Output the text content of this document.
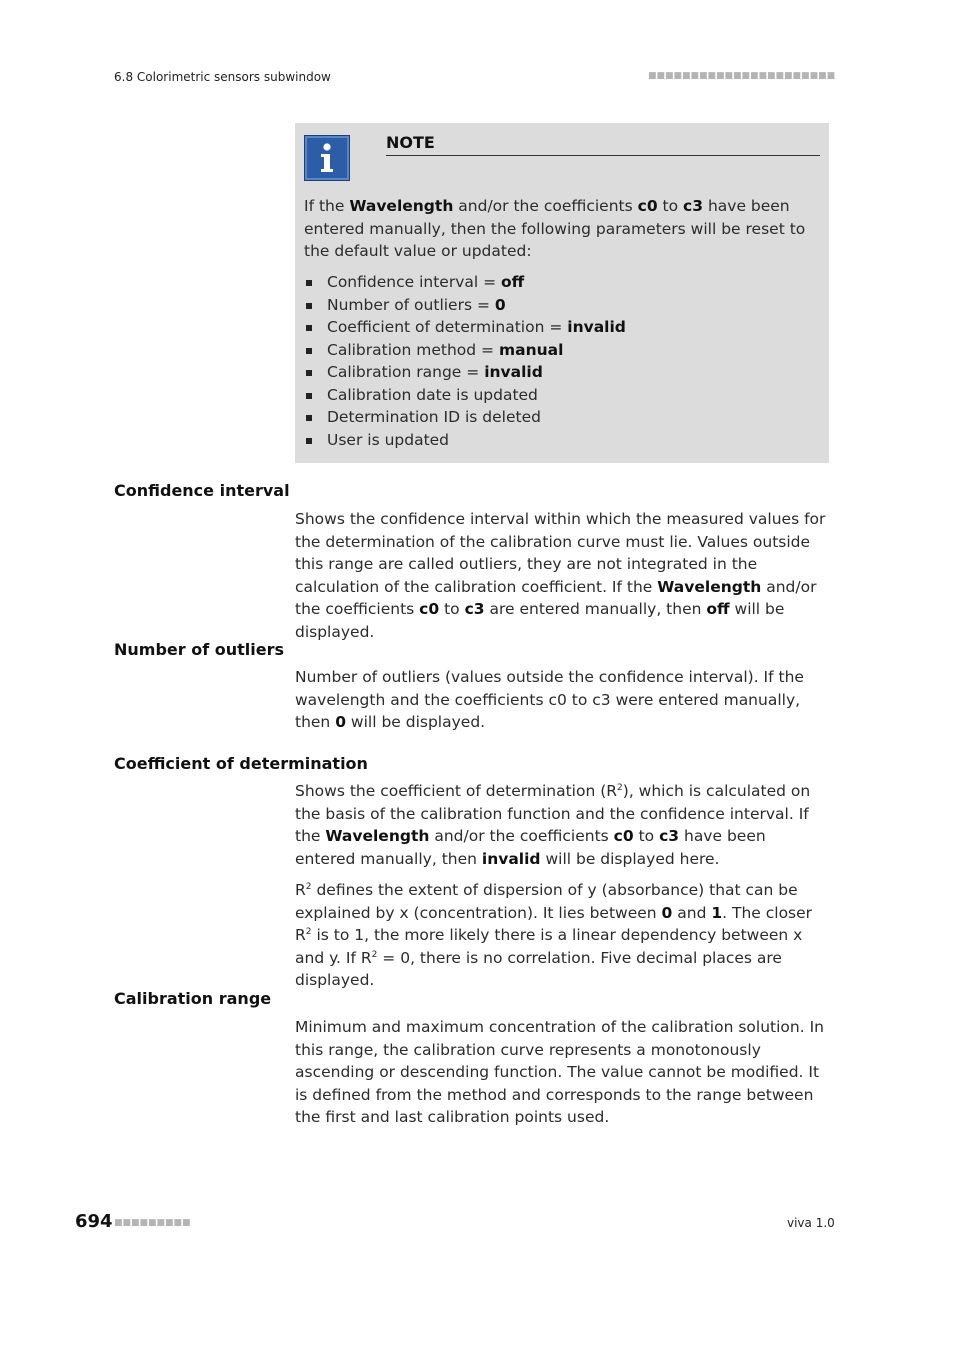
6.8 Colorimetric sensors subwindow	■■■■■■■■■■■■■■■■■■■■■■
NOTE
If the Wavelength and/or the coefficients c0 to c3 have been entered manually, then the following parameters will be reset to the default value or updated:
Confidence interval = off
Number of outliers = 0
Coefficient of determination = invalid
Calibration method = manual
Calibration range = invalid
Calibration date is updated
Determination ID is deleted
User is updated
Confidence interval
Shows the confidence interval within which the measured values for the determination of the calibration curve must lie. Values outside this range are called outliers, they are not integrated in the calculation of the calibration coefficient. If the Wavelength and/or the coefficients c0 to c3 are entered manually, then off will be displayed.
Number of outliers
Number of outliers (values outside the confidence interval). If the wavelength and the coefficients c0 to c3 were entered manually, then 0 will be displayed.
Coefficient of determination
Shows the coefficient of determination $(R^2)$, which is calculated on the basis of the calibration function and the confidence interval. If the Wavelength and/or the coefficients c0 to c3 have been entered manually, then invalid will be displayed here.
$R^2$ defines the extent of dispersion of y (absorbance) that can be explained by x (concentration). It lies between 0 and 1. The closer $R^2$ is to 1, the more likely there is a linear dependency between x and y. If $R^2 = 0$, there is no correlation. Five decimal places are displayed.
Calibration range
Minimum and maximum concentration of the calibration solution. In this range, the calibration curve represents a monotonously ascending or descending function. The value cannot be modified. It is defined from the method and corresponds to the range between the first and last calibration points used.
694 ■■■■■■■■■	viva 1.0
